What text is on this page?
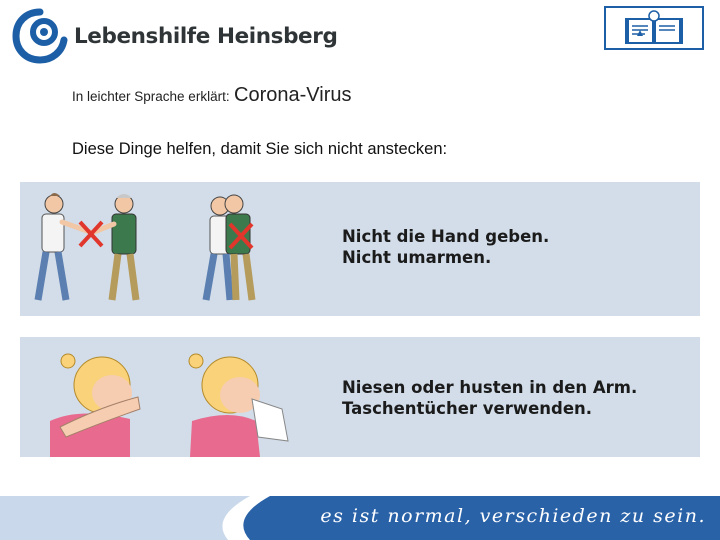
Lebenshilfe Heinsberg
In leichter Sprache erklärt: Corona-Virus
Diese Dinge helfen, damit Sie sich nicht anstecken:
Nicht die Hand geben.
Nicht umarmen.
Niesen oder husten in den Arm.
Taschentücher verwenden.
es ist normal, verschieden zu sein.
